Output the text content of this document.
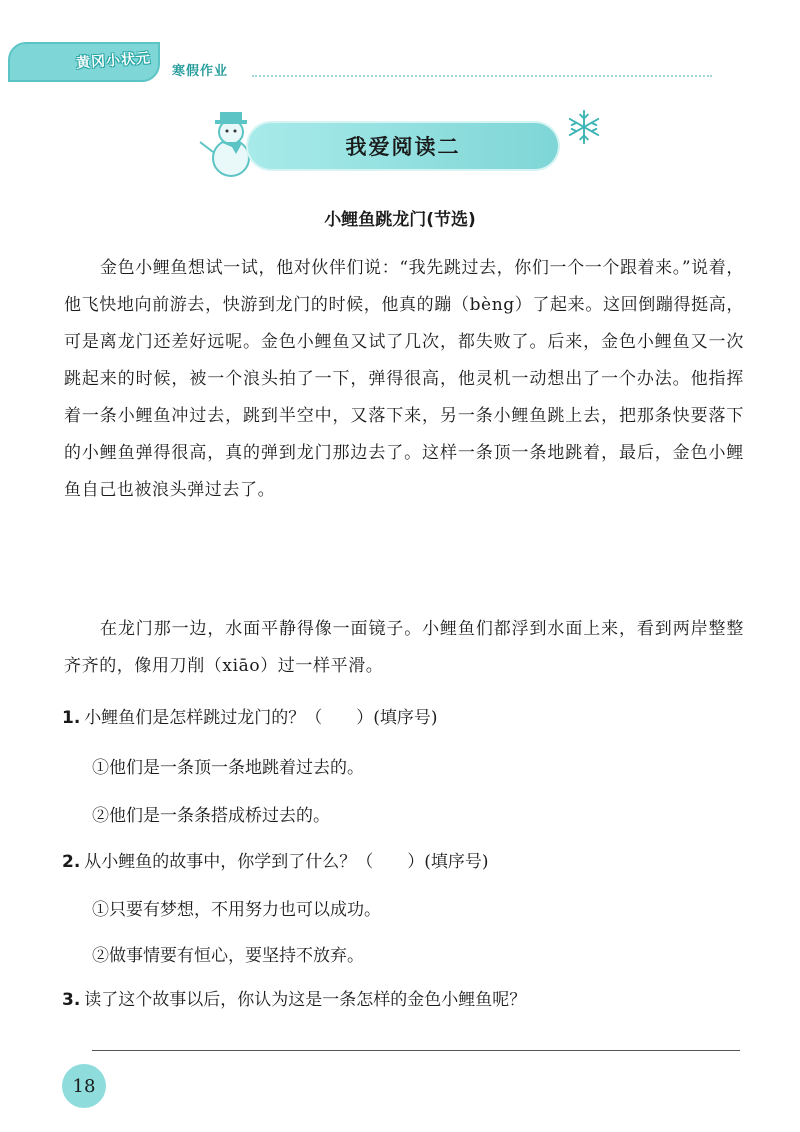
黄冈小状元 寒假作业
我爱阅读二
小鲤鱼跳龙门(节选)
金色小鲤鱼想试一试，他对伙伴们说：“我先跳过去，你们一个一个跟着来。”说着，他飞快地向前游去，快游到龙门的时候，他真的蹦（bèng）了起来。这回倒蹦得挺高，可是离龙门还差好远呢。金色小鲤鱼又试了几次，都失败了。后来，金色小鲤鱼又一次跳起来的时候，被一个浪头拍了一下，弹得很高，他灵机一动想出了一个办法。他指挥着一条小鲤鱼冲过去，跳到半空中，又落下来，另一条小鲤鱼跳上去，把那条快要落下的小鲤鱼弹得很高，真的弹到龙门那边去了。这样一条顶一条地跳着，最后，金色小鲤鱼自己也被浪头弹过去了。
在龙门那一边，水面平静得像一面镜子。小鲤鱼们都浮到水面上来，看到两岸整整齐齐的，像用刀削（xiāo）过一样平滑。
1. 小鲤鱼们是怎样跳过龙门的？（　　）(填序号)
①他们是一条顶一条地跳着过去的。
②他们是一条条搭成桥过去的。
2. 从小鲤鱼的故事中，你学到了什么？（　　）(填序号)
①只要有梦想，不用努力也可以成功。
②做事情要有恒心，要坚持不放弃。
3. 读了这个故事以后，你认为这是一条怎样的金色小鲤鱼呢？
18
